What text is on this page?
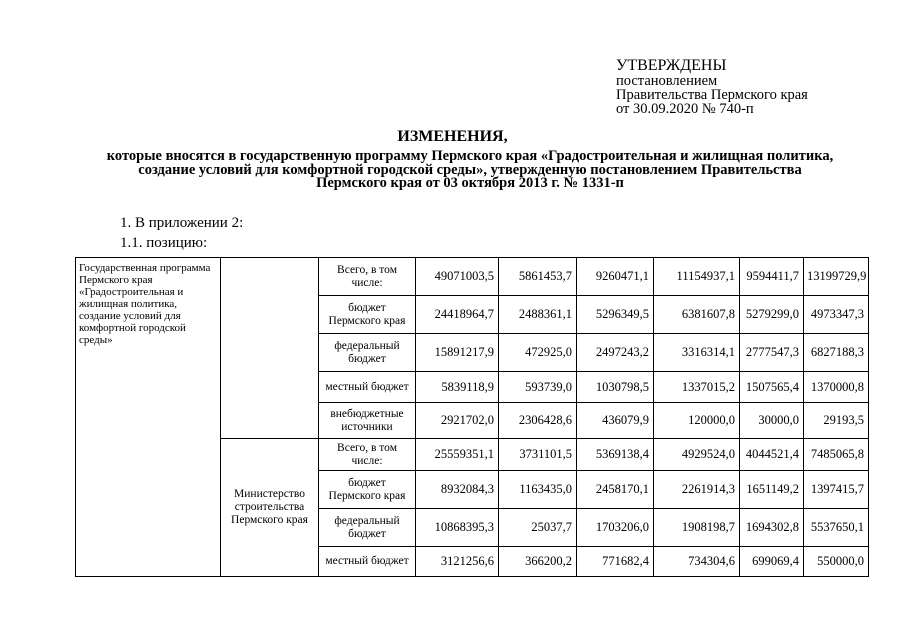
УТВЕРЖДЕНЫ
постановлением
Правительства Пермского края
от 30.09.2020 № 740-п
ИЗМЕНЕНИЯ,
которые вносятся в государственную программу Пермского края «Градостроительная и жилищная политика,
создание условий для комфортной городской среды», утвержденную постановлением Правительства
Пермского края от 03 октября 2013 г. № 1331-п
1. В приложении 2:
1.1. позицию:
Государственная программа Пермского края «Градостроительная и жилищная политика, создание условий для комфортной городской среды»		Всего, в том числе:	49071003,5	5861453,7	9260471,1	11154937,1	9594411,7	13199729,9
		бюджет Пермского края	24418964,7	2488361,1	5296349,5	6381607,8	5279299,0	4973347,3
		федеральный бюджет	15891217,9	472925,0	2497243,2	3316314,1	2777547,3	6827188,3
		местный бюджет	5839118,9	593739,0	1030798,5	1337015,2	1507565,4	1370000,8
		внебюджетные источники	2921702,0	2306428,6	436079,9	120000,0	30000,0	29193,5
	Министерство строительства Пермского края	Всего, в том числе:	25559351,1	3731101,5	5369138,4	4929524,0	4044521,4	7485065,8
		бюджет Пермского края	8932084,3	1163435,0	2458170,1	2261914,3	1651149,2	1397415,7
		федеральный бюджет	10868395,3	25037,7	1703206,0	1908198,7	1694302,8	5537650,1
		местный бюджет	3121256,6	366200,2	771682,4	734304,6	699069,4	550000,0
